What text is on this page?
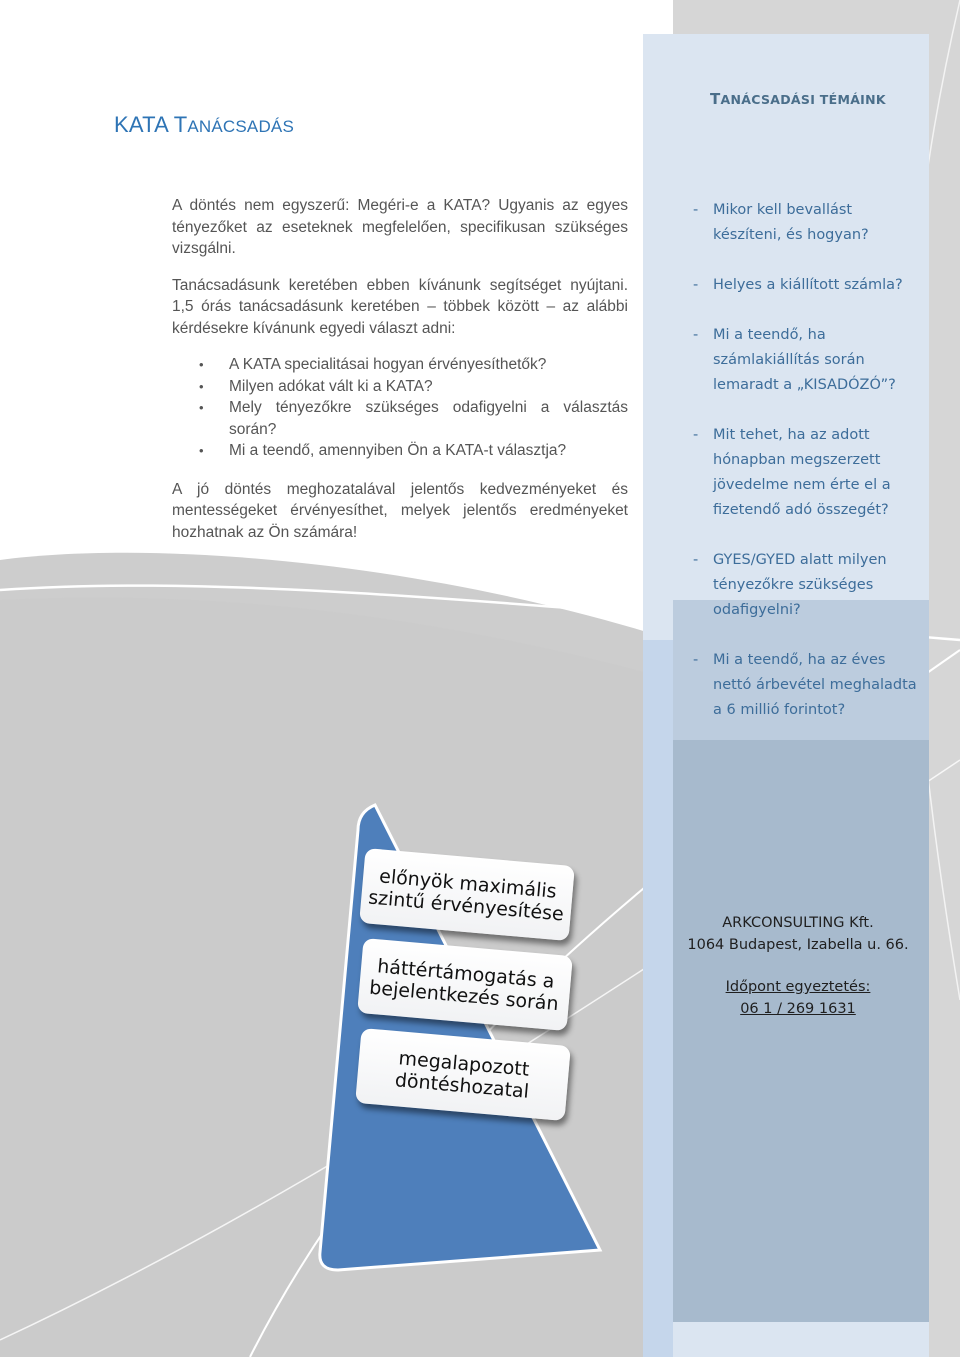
KATA TANÁCSADÁS

A döntés nem egyszerű: Megéri-e a KATA? Ugyanis az egyes tényezőket az eseteknek megfelelően, specifikusan szükséges vizsgálni.

Tanácsadásunk keretében ebben kívánunk segítséget nyújtani. 1,5 órás tanácsadásunk keretében – többek között – az alábbi kérdésekre kívánunk egyedi választ adni:

• A KATA specialitásai hogyan érvényesíthetők?
• Milyen adókat vált ki a KATA?
• Mely tényezőkre szükséges odafigyelni a választás során?
• Mi a teendő, amennyiben Ön a KATA-t választja?

A jó döntés meghozatalával jelentős kedvezményeket és mentességeket érvényesíthet, melyek jelentős eredményeket hozhatnak az Ön számára!

TANÁCSADÁSI TÉMÁINK
- Mikor kell bevallást készíteni, és hogyan?
- Helyes a kiállított számla?
- Mi a teendő, ha számlakiállítás során lemaradt a „KISADÓZÓ”?
- Mit tehet, ha az adott hónapban megszerzett jövedelme nem érte el a fizetendő adó összegét?
- GYES/GYED alatt milyen tényezőkre szükséges odafigyelni?
- Mi a teendő, ha az éves nettó árbevétel meghaladta a 6 millió forintot?
ARKCONSULTING Kft.
1064 Budapest, Izabella u. 66.
Időpont egyeztetés:
06 1 / 269 1631
előnyök maximális szintű érvényesítése
háttértámogatás a bejelentkezés során
megalapozott döntéshozatal
